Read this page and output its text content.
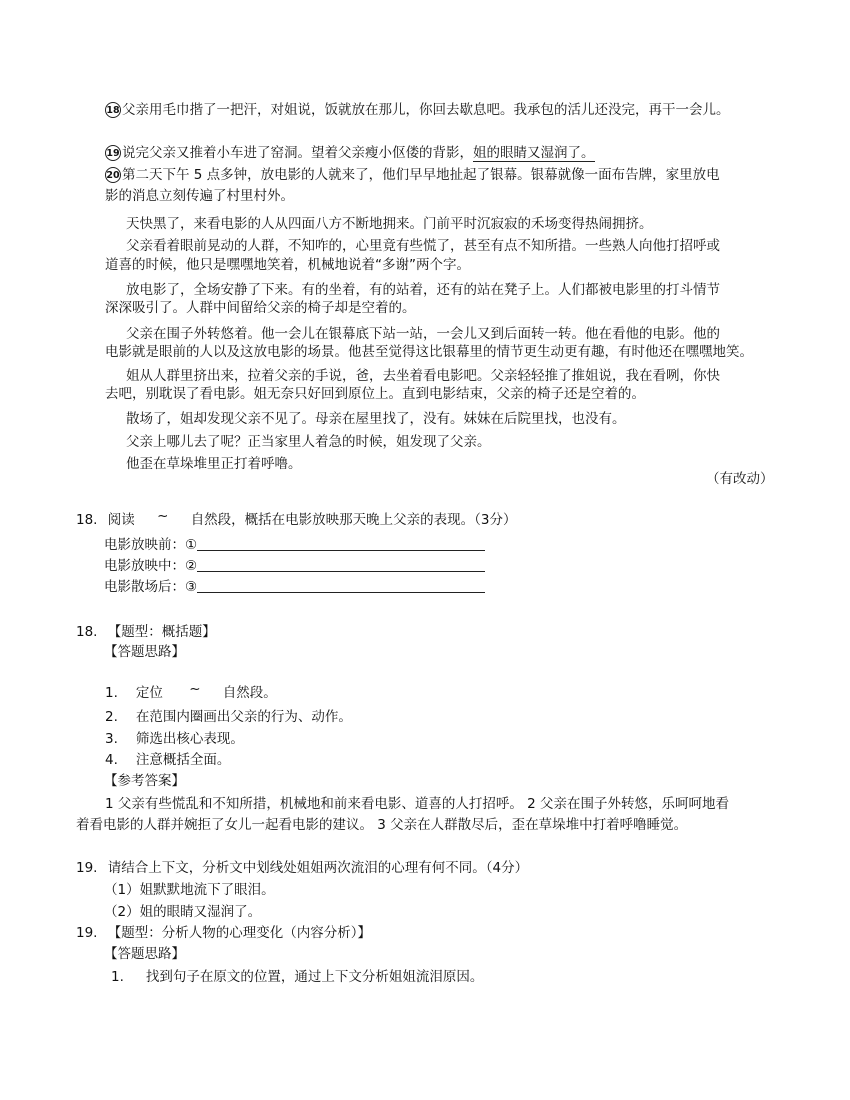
18 父亲用毛巾揩了一把汗，对姐说，饭就放在那儿，你回去歇息吧。我承包的活儿还没完，再干一会儿。
19 说完父亲又推着小车进了窑洞。望着父亲瘦小伛偻的背影，姐的眼睛又湿润了。
20 第二天下午 5 点多钟，放电影的人就来了，他们早早地扯起了银幕。银幕就像一面布告牌，家里放电
影的消息立刻传遍了村里村外。
天快黑了，来看电影的人从四面八方不断地拥来。门前平时沉寂寂的禾场变得热闹拥挤。
父亲看着眼前晃动的人群，不知咋的，心里竟有些慌了，甚至有点不知所措。一些熟人向他打招呼或
道喜的时候，他只是嘿嘿地笑着，机械地说着“多谢”两个字。
放电影了，全场安静了下来。有的坐着，有的站着，还有的站在凳子上。人们都被电影里的打斗情节
深深吸引了。人群中间留给父亲的椅子却是空着的。
父亲在围子外转悠着。他一会儿在银幕底下站一站，一会儿又到后面转一转。他在看他的电影。他的
电影就是眼前的人以及这放电影的场景。他甚至觉得这比银幕里的情节更生动更有趣，有时他还在嘿嘿地笑。
姐从人群里挤出来，拉着父亲的手说，爸，去坐着看电影吧。父亲轻轻推了推姐说，我在看咧，你快
去吧，别耽误了看电影。姐无奈只好回到原位上。直到电影结束，父亲的椅子还是空着的。
散场了，姐却发现父亲不见了。母亲在屋里找了，没有。妹妹在后院里找，也没有。
父亲上哪儿去了呢？正当家里人着急的时候，姐发现了父亲。
他歪在草垛堆里正打着呼噜。
（有改动）
18. 阅读 ~ 自然段，概括在电影放映那天晚上父亲的表现。（3分）
电影放映前：①
电影放映中：②
电影散场后：③
18. 【题型：概括题】
【答题思路】
1. 定位 ~ 自然段。
2. 在范围内圈画出父亲的行为、动作。
3. 筛选出核心表现。
4. 注意概括全面。
【参考答案】
1 父亲有些慌乱和不知所措，机械地和前来看电影、道喜的人打招呼。 2 父亲在围子外转悠，乐呵呵地看
着看电影的人群并婉拒了女儿一起看电影的建议。 3 父亲在人群散尽后，歪在草垛堆中打着呼噜睡觉。
19. 请结合上下文，分析文中划线处姐姐两次流泪的心理有何不同。（4分）
（1）姐默默地流下了眼泪。
（2）姐的眼睛又湿润了。
19. 【题型：分析人物的心理变化（内容分析）】
【答题思路】
1. 找到句子在原文的位置，通过上下文分析姐姐流泪原因。
